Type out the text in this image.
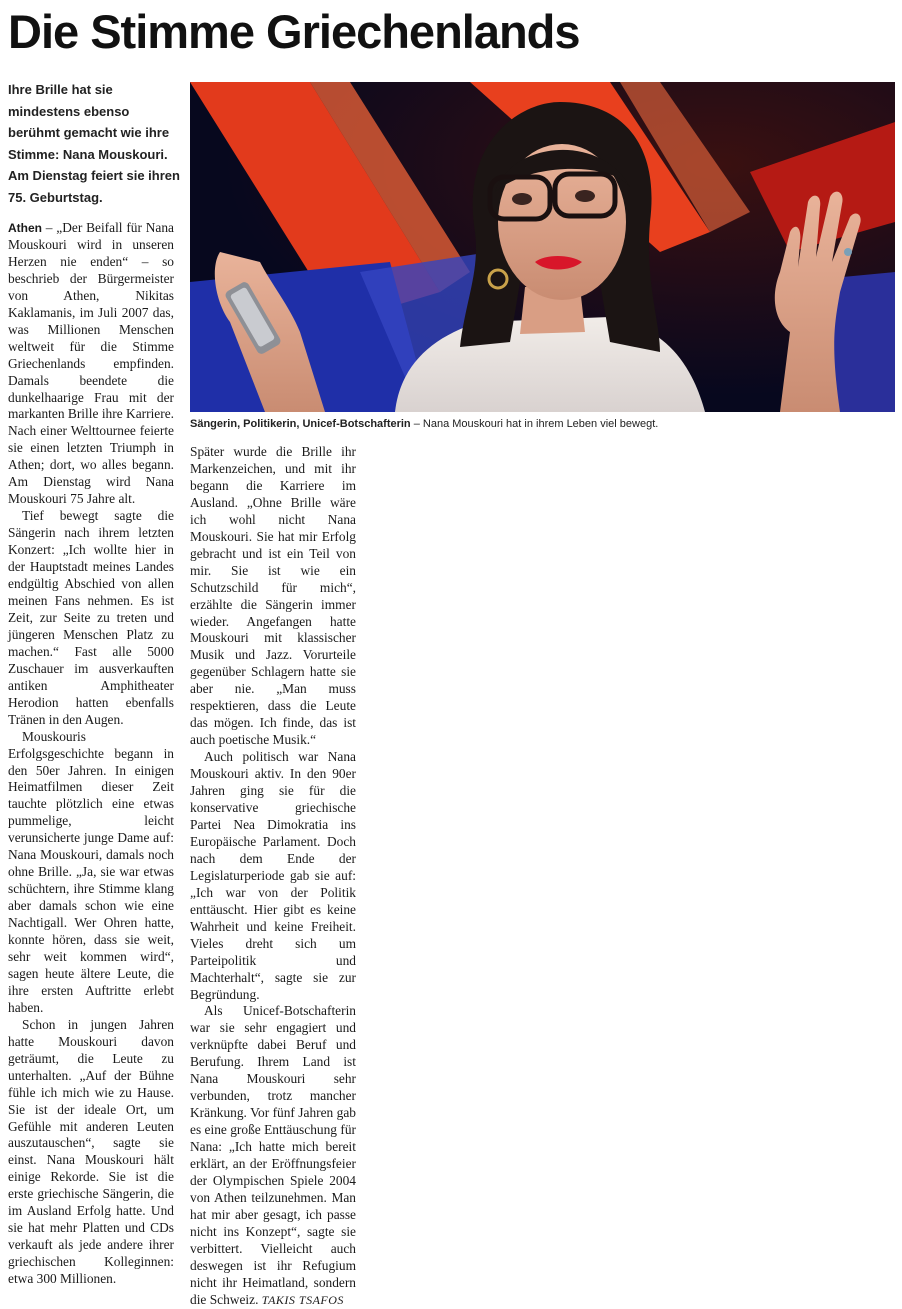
Die Stimme Griechenlands
Ihre Brille hat sie mindestens ebenso berühmt gemacht wie ihre Stimme: Nana Mouskouri. Am Dienstag feiert sie ihren 75. Geburtstag.
Sängerin, Politikerin, Unicef-Botschafterin – Nana Mouskouri hat in ihrem Leben viel bewegt.

Athen – „Der Beifall für Nana Mouskouri wird in unseren Herzen nie enden“ – so beschrieb der Bürgermeister von Athen, Nikitas Kaklamanis, im Juli 2007 das, was Millionen Menschen weltweit für die Stimme Griechenlands empfinden. Damals beendete die dunkelhaarige Frau mit der markanten Brille ihre Karriere. Nach einer Welttournee feierte sie einen letzten Triumph in Athen; dort, wo alles begann. Am Dienstag wird Nana Mouskouri 75 Jahre alt.

Tief bewegt sagte die Sängerin nach ihrem letzten Konzert: „Ich wollte hier in der Hauptstadt meines Landes endgültig Abschied von allen meinen Fans nehmen. Es ist Zeit, zur Seite zu treten und jüngeren Menschen Platz zu machen.“ Fast alle 5000 Zuschauer im ausverkauften antiken Amphitheater Herodion hatten ebenfalls Tränen in den Augen.

Mouskouris Erfolgsgeschichte begann in den 50er Jahren. In einigen Heimatfilmen dieser Zeit tauchte plötzlich eine etwas pummelige, leicht verunsicherte junge Dame auf: Nana Mouskouri, damals noch ohne Brille. „Ja, sie war etwas schüchtern, ihre Stimme klang aber damals schon wie eine Nachtigall. Wer Ohren hatte, konnte hören, dass sie weit, sehr weit kommen wird“, sagen heute ältere Leute, die ihre ersten Auftritte erlebt haben.

Schon in jungen Jahren hatte Mouskouri davon geträumt, die Leute zu unterhalten. „Auf der Bühne fühle ich mich wie zu Hause. Sie ist der ideale Ort, um Gefühle mit anderen Leuten auszutauschen“, sagte sie einst. Nana Mouskouri hält einige Rekorde. Sie ist die erste griechische Sängerin, die im Ausland Erfolg hatte. Und sie hat mehr Platten und CDs verkauft als jede andere ihrer griechischen Kolleginnen: etwa 300 Millionen.

Später wurde die Brille ihr Markenzeichen, und mit ihr begann die Karriere im Ausland. „Ohne Brille wäre ich wohl nicht Nana Mouskouri. Sie hat mir Erfolg gebracht und ist ein Teil von mir. Sie ist wie ein Schutzschild für mich“, erzählte die Sängerin immer wieder. Angefangen hatte Mouskouri mit klassischer Musik und Jazz. Vorurteile gegenüber Schlagern hatte sie aber nie. „Man muss respektieren, dass die Leute das mögen. Ich finde, das ist auch poetische Musik.“

Auch politisch war Nana Mouskouri aktiv. In den 90er Jahren ging sie für die konservative griechische Partei Nea Dimokratia ins Europäische Parlament. Doch nach dem Ende der Legislaturperiode gab sie auf: „Ich war von der Politik enttäuscht. Hier gibt es keine Wahrheit und keine Freiheit. Vieles dreht sich um Parteipolitik und Machterhalt“, sagte sie zur Begründung.

Als Unicef-Botschafterin war sie sehr engagiert und verknüpfte dabei Beruf und Berufung. Ihrem Land ist Nana Mouskouri sehr verbunden, trotz mancher Kränkung. Vor fünf Jahren gab es eine große Enttäuschung für Nana: „Ich hatte mich bereit erklärt, an der Eröffnungsfeier der Olympischen Spiele 2004 von Athen teilzunehmen. Man hat mir aber gesagt, ich passe nicht ins Konzept“, sagte sie verbittert. Vielleicht auch deswegen ist ihr Refugium nicht ihr Heimatland, sondern die Schweiz. TAKIS TSAFOS
